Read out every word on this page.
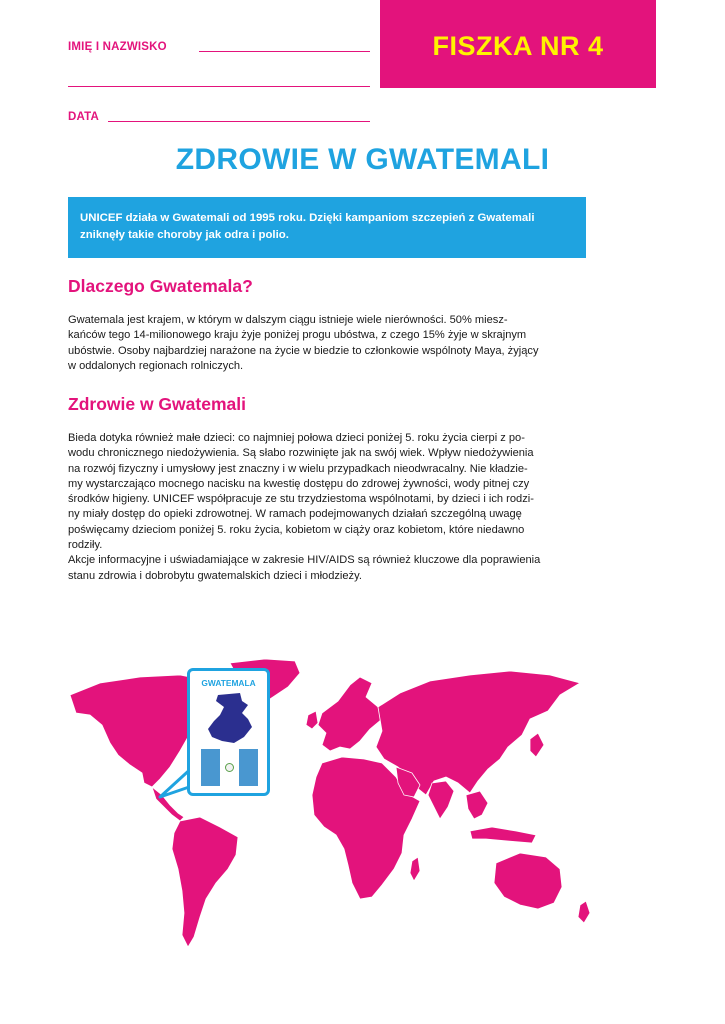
IMIĘ I NAZWISKO
DATA
FISZKA NR 4
ZDROWIE W GWATEMALI
UNICEF działa w Gwatemali od 1995 roku. Dzięki kampaniom szczepień z Gwatemali
zniknęły takie choroby jak odra i polio.
Dlaczego Gwatemala?
Gwatemala jest krajem, w którym w dalszym ciągu istnieje wiele nierówności. 50% miesz-
kańców tego 14-milionowego kraju żyje poniżej progu ubóstwa, z czego 15% żyje w skrajnym
ubóstwie. Osoby najbardziej narażone na życie w biedzie to członkowie wspólnoty Maya, żyjący
w oddalonych regionach rolniczych.
Zdrowie w Gwatemali
Bieda dotyka również małe dzieci: co najmniej połowa dzieci poniżej 5. roku życia cierpi z po-
wodu chronicznego niedożywienia. Są słabo rozwinięte jak na swój wiek. Wpływ niedożywienia
na rozwój fizyczny i umysłowy jest znaczny i w wielu przypadkach nieodwracalny. Nie kładzie-
my wystarczająco mocnego nacisku na kwestię dostępu do zdrowej żywności, wody pitnej czy
środków higieny. UNICEF współpracuje ze stu trzydziestoma wspólnotami, by dzieci i ich rodzi-
ny miały dostęp do opieki zdrowotnej. W ramach podejmowanych działań szczególną uwagę
poświęcamy dzieciom poniżej 5. roku życia, kobietom w ciąży oraz kobietom, które niedawno
rodziły.
Akcje informacyjne i uświadamiające w zakresie HIV/AIDS są również kluczowe dla poprawienia
stanu zdrowia i dobrobytu gwatemalskich dzieci i młodzieży.
GWATEMALA
